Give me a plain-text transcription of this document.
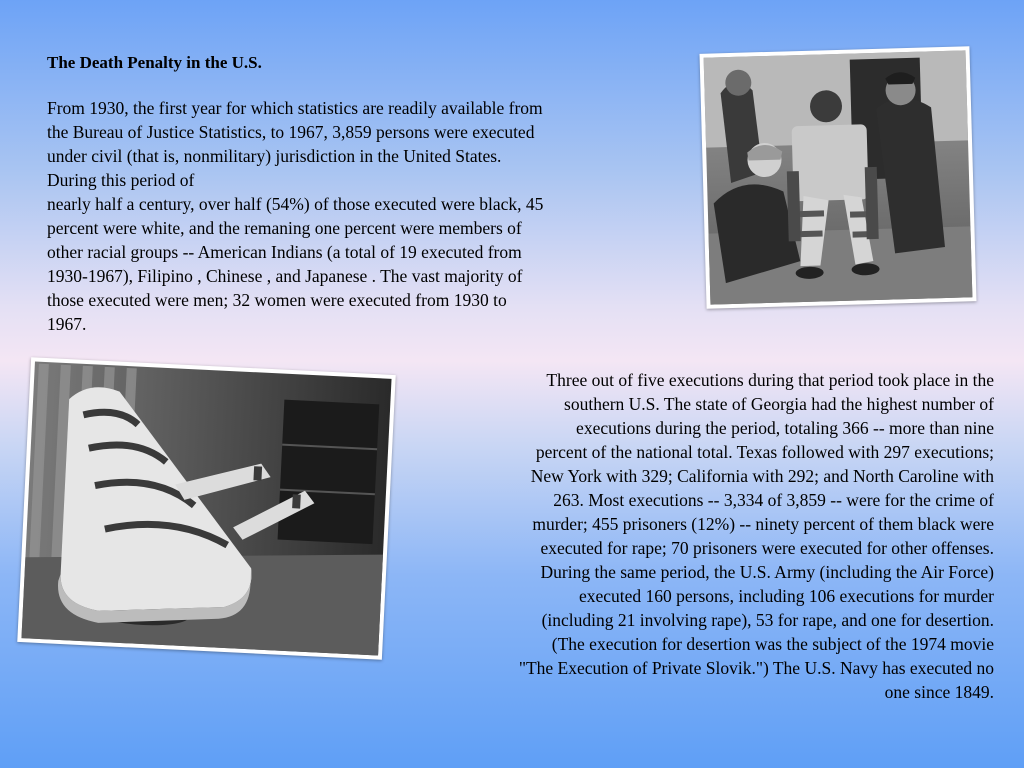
The Death Penalty in the U.S.

From 1930, the first year for which statistics are readily available from
the Bureau of Justice Statistics, to 1967, 3,859 persons were executed
under civil (that is, nonmilitary) jurisdiction in the United States.
During this period of
nearly half a century, over half (54%) of those executed were black, 45
percent were white, and the remaning one percent were members of
other racial groups -- American Indians (a total of 19 executed from
1930-1967), Filipino , Chinese , and Japanese . The vast majority of
those executed were men; 32 women were executed from 1930 to
1967.

Three out of five executions during that period took place in the
southern U.S. The state of Georgia had the highest number of
executions during the period, totaling 366 -- more than nine
percent of the national total. Texas followed with 297 executions;
New York with 329; California with 292; and North Caroline with
263. Most executions -- 3,334 of 3,859 -- were for the crime of
murder; 455 prisoners (12%) -- ninety percent of them black were
executed for rape; 70 prisoners were executed for other offenses.
During the same period, the U.S. Army (including the Air Force)
executed 160 persons, including 106 executions for murder
(including 21 involving rape), 53 for rape, and one for desertion.
(The execution for desertion was the subject of the 1974 movie
"The Execution of Private Slovik.") The U.S. Navy has executed no
one since 1849.
